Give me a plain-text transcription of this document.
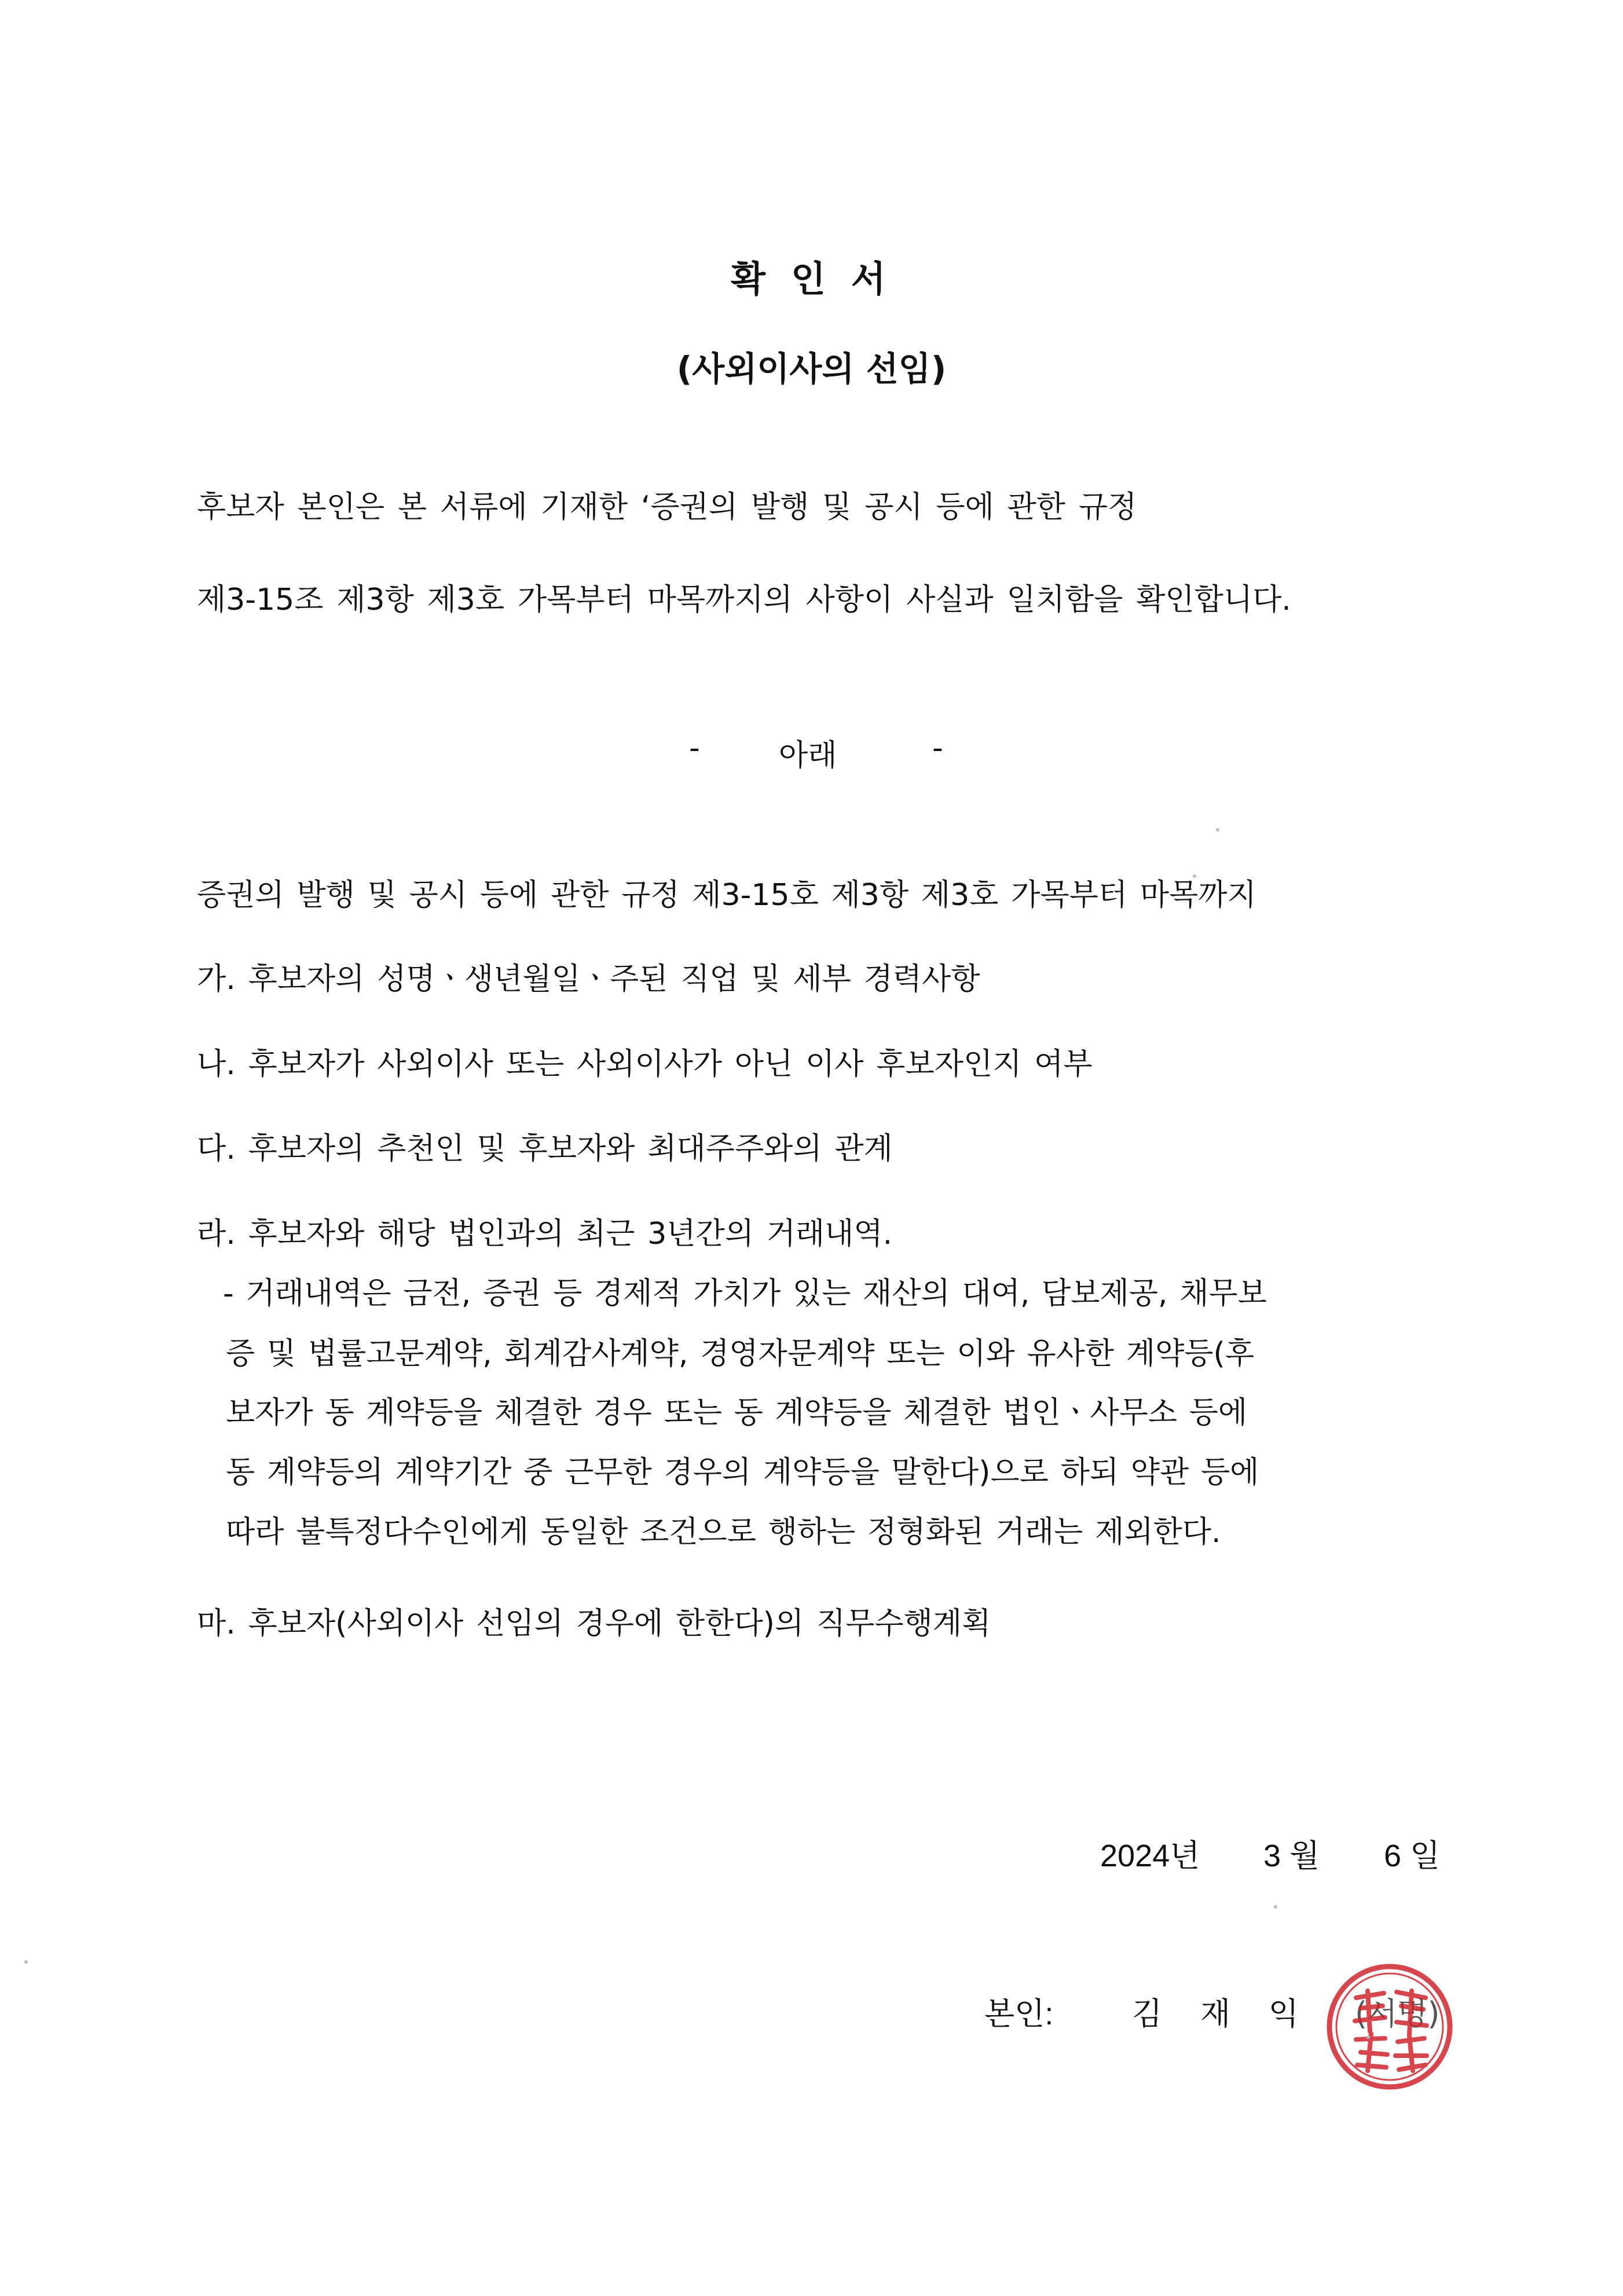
확 인 서
(사외이사의 선임)
후보자 본인은 본 서류에 기재한 ‘증권의 발행 및 공시 등에 관한 규정
제3-15조 제3항 제3호 가목부터 마목까지의 사항이 사실과 일치함을 확인합니다.
-	아래	-
증권의 발행 및 공시 등에 관한 규정 제3-15호 제3항 제3호 가목부터 마목까지
가. 후보자의 성명ㆍ생년월일ㆍ주된 직업 및 세부 경력사항
나. 후보자가 사외이사 또는 사외이사가 아닌 이사 후보자인지 여부
다. 후보자의 추천인 및 후보자와 최대주주와의 관계
라. 후보자와 해당 법인과의 최근 3년간의 거래내역.
- 거래내역은 금전, 증권 등 경제적 가치가 있는 재산의 대여, 담보제공, 채무보
증 및 법률고문계약, 회계감사계약, 경영자문계약 또는 이와 유사한 계약등(후
보자가 동 계약등을 체결한 경우 또는 동 계약등을 체결한 법인ㆍ사무소 등에
동 계약등의 계약기간 중 근무한 경우의 계약등을 말한다)으로 하되 약관 등에
따라 불특정다수인에게 동일한 조건으로 행하는 정형화된 거래는 제외한다.
마. 후보자(사외이사 선임의 경우에 한한다)의 직무수행계획
2024년 3 월 6 일
본인:	김 재 익 (서명)
